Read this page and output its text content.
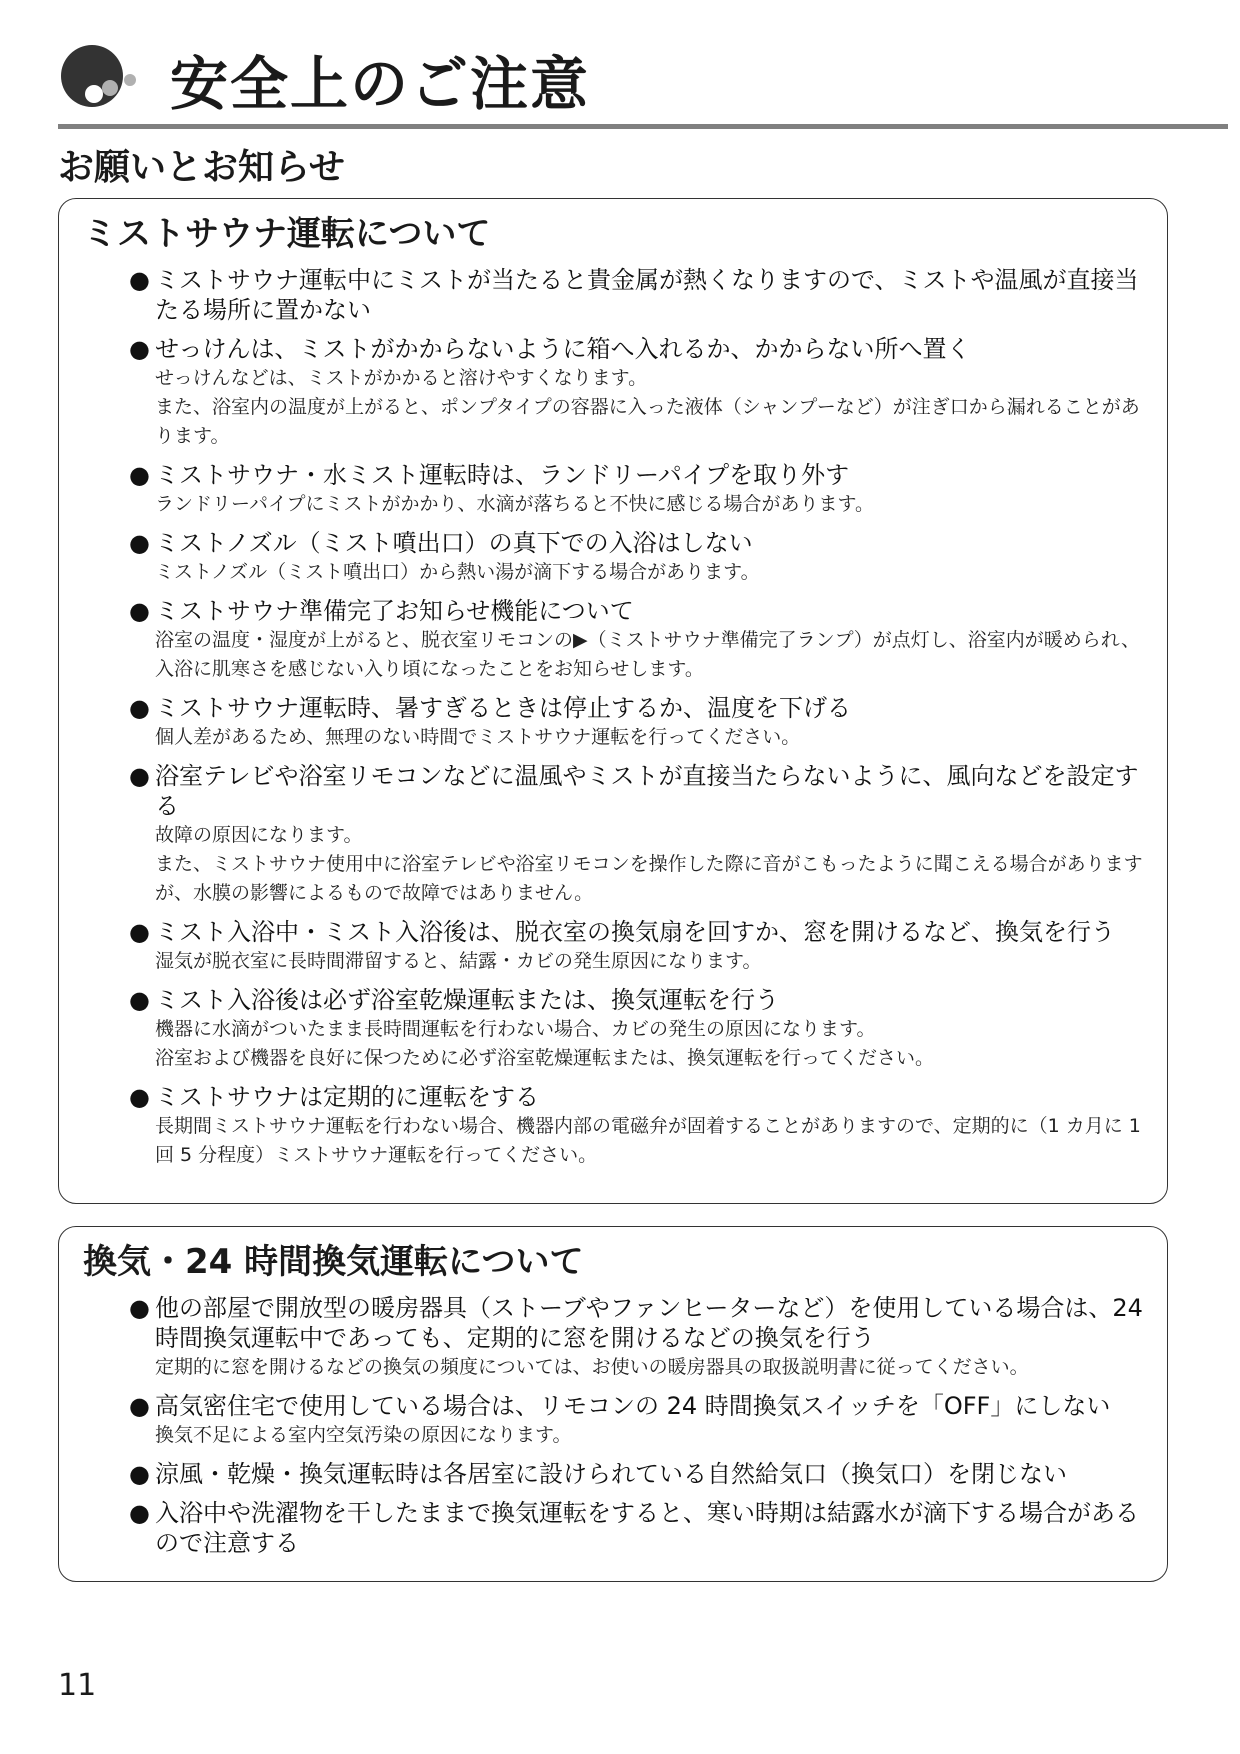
安全上のご注意
お願いとお知らせ
ミストサウナ運転について
● ミストサウナ運転中にミストが当たると貴金属が熱くなりますので、ミストや温風が直接当たる場所に置かない
● せっけんは、ミストがかからないように箱へ入れるか、かからない所へ置く
せっけんなどは、ミストがかかると溶けやすくなります。
また、浴室内の温度が上がると、ポンプタイプの容器に入った液体（シャンプーなど）が注ぎ口から漏れることがあります。
● ミストサウナ・水ミスト運転時は、ランドリーパイプを取り外す
ランドリーパイプにミストがかかり、水滴が落ちると不快に感じる場合があります。
● ミストノズル（ミスト噴出口）の真下での入浴はしない
ミストノズル（ミスト噴出口）から熱い湯が滴下する場合があります。
● ミストサウナ準備完了お知らせ機能について
浴室の温度・湿度が上がると、脱衣室リモコンの▶（ミストサウナ準備完了ランプ）が点灯し、浴室内が暖められ、入浴に肌寒さを感じない入り頃になったことをお知らせします。
● ミストサウナ運転時、暑すぎるときは停止するか、温度を下げる
個人差があるため、無理のない時間でミストサウナ運転を行ってください。
● 浴室テレビや浴室リモコンなどに温風やミストが直接当たらないように、風向などを設定する
故障の原因になります。
また、ミストサウナ使用中に浴室テレビや浴室リモコンを操作した際に音がこもったように聞こえる場合がありますが、水膜の影響によるもので故障ではありません。
● ミスト入浴中・ミスト入浴後は、脱衣室の換気扇を回すか、窓を開けるなど、換気を行う
湿気が脱衣室に長時間滞留すると、結露・カビの発生原因になります。
● ミスト入浴後は必ず浴室乾燥運転または、換気運転を行う
機器に水滴がついたまま長時間運転を行わない場合、カビの発生の原因になります。
浴室および機器を良好に保つために必ず浴室乾燥運転または、換気運転を行ってください。
● ミストサウナは定期的に運転をする
長期間ミストサウナ運転を行わない場合、機器内部の電磁弁が固着することがありますので、定期的に（1 カ月に 1 回 5 分程度）ミストサウナ運転を行ってください。
換気・24 時間換気運転について
● 他の部屋で開放型の暖房器具（ストーブやファンヒーターなど）を使用している場合は、24 時間換気運転中であっても、定期的に窓を開けるなどの換気を行う
定期的に窓を開けるなどの換気の頻度については、お使いの暖房器具の取扱説明書に従ってください。
● 高気密住宅で使用している場合は、リモコンの 24 時間換気スイッチを「OFF」にしない
換気不足による室内空気汚染の原因になります。
● 涼風・乾燥・換気運転時は各居室に設けられている自然給気口（換気口）を閉じない
● 入浴中や洗濯物を干したままで換気運転をすると、寒い時期は結露水が滴下する場合があるので注意する
11
